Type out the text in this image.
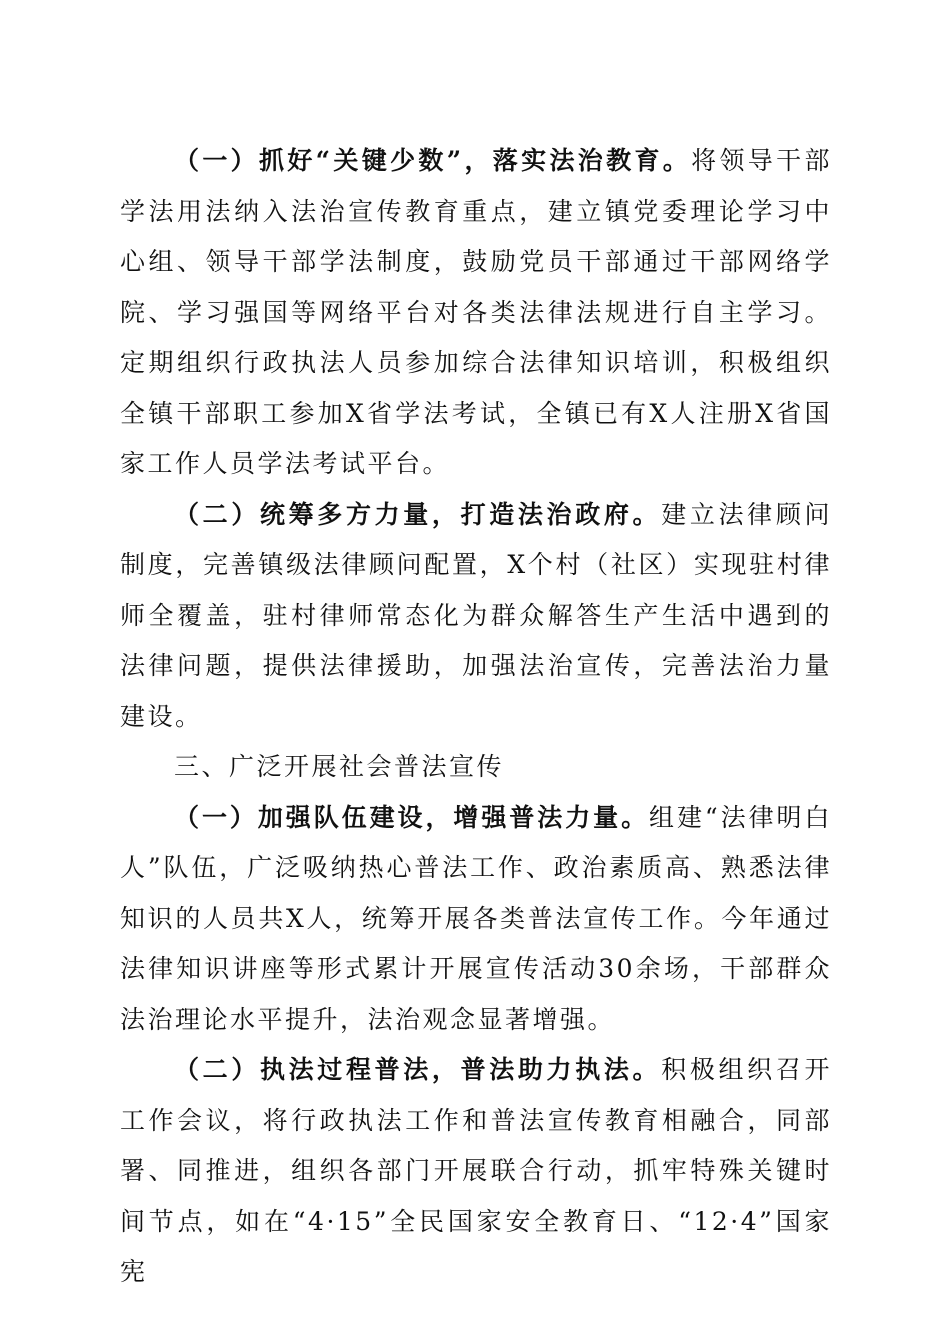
（一）抓好“关键少数”，落实法治教育。将领导干部学法用法纳入法治宣传教育重点，建立镇党委理论学习中心组、领导干部学法制度，鼓励党员干部通过干部网络学院、学习强国等网络平台对各类法律法规进行自主学习。定期组织行政执法人员参加综合法律知识培训，积极组织全镇干部职工参加X省学法考试，全镇已有X人注册X省国家工作人员学法考试平台。

（二）统筹多方力量，打造法治政府。建立法律顾问制度，完善镇级法律顾问配置，X个村（社区）实现驻村律师全覆盖，驻村律师常态化为群众解答生产生活中遇到的法律问题，提供法律援助，加强法治宣传，完善法治力量建设。

三、广泛开展社会普法宣传

（一）加强队伍建设，增强普法力量。组建“法律明白人”队伍，广泛吸纳热心普法工作、政治素质高、熟悉法律知识的人员共X人，统筹开展各类普法宣传工作。今年通过法律知识讲座等形式累计开展宣传活动30余场，干部群众法治理论水平提升，法治观念显著增强。

（二）执法过程普法，普法助力执法。积极组织召开工作会议，将行政执法工作和普法宣传教育相融合，同部署、同推进，组织各部门开展联合行动，抓牢特殊关键时间节点，如在“4·15”全民国家安全教育日、“12·4”国家宪
